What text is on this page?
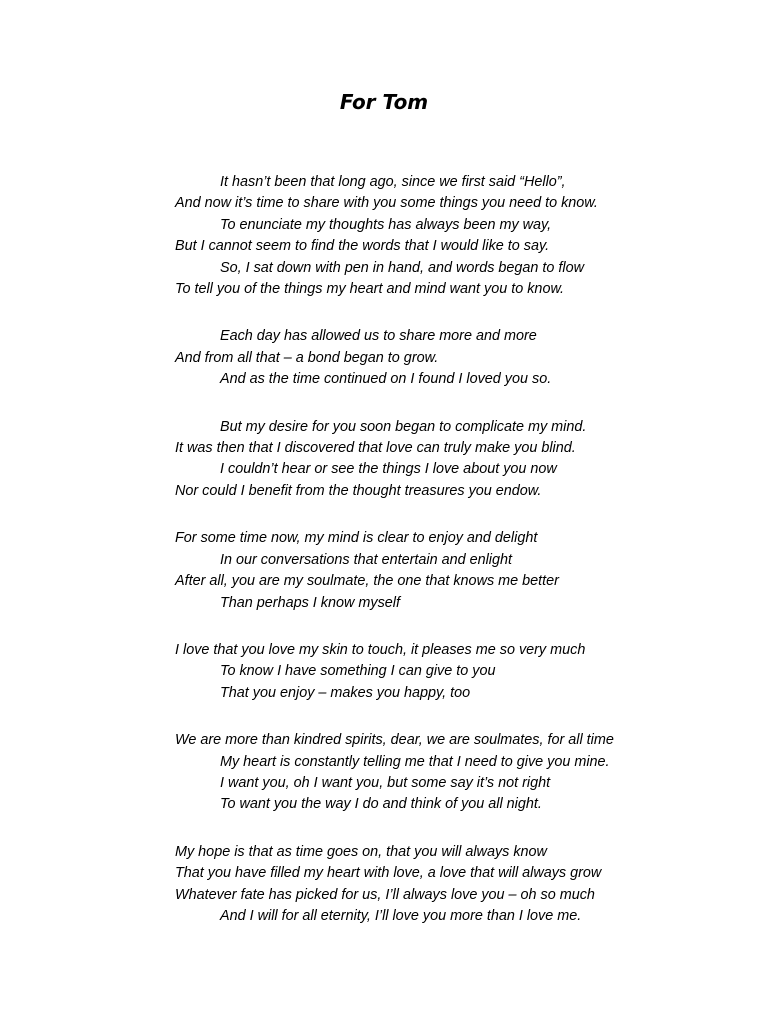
For Tom
It hasn’t been that long ago, since we first said “Hello”,
And now it’s time to share with you some things you need to know.
To enunciate my thoughts has always been my way,
But I cannot seem to find the words that I would like to say.
So, I sat down with pen in hand, and words began to flow
To tell you of the things my heart and mind want you to know.
Each day has allowed us to share more and more
And from all that – a bond began to grow.
And as the time continued on I found I loved you so.
But my desire for you soon began to complicate my mind.
It was then that I discovered that love can truly make you blind.
I couldn’t hear or see the things I love about you now
Nor could I benefit from the thought treasures you endow.
For some time now, my mind is clear to enjoy and delight
In our conversations that entertain and enlight
After all, you are my soulmate, the one that knows me better
Than perhaps I know myself
I love that you love my skin to touch, it pleases me so very much
To know I have something I can give to you
That you enjoy – makes you happy, too
We are more than kindred spirits, dear, we are soulmates, for all time
My heart is constantly telling me that I need to give you mine.
I want you, oh I want you, but some say it’s not right
To want you the way I do and think of you all night.
My hope is that as time goes on, that you will always know
That you have filled my heart with love, a love that will always grow
Whatever fate has picked for us, I’ll always love you – oh so much
And I will for all eternity, I’ll love you more than I love me.
